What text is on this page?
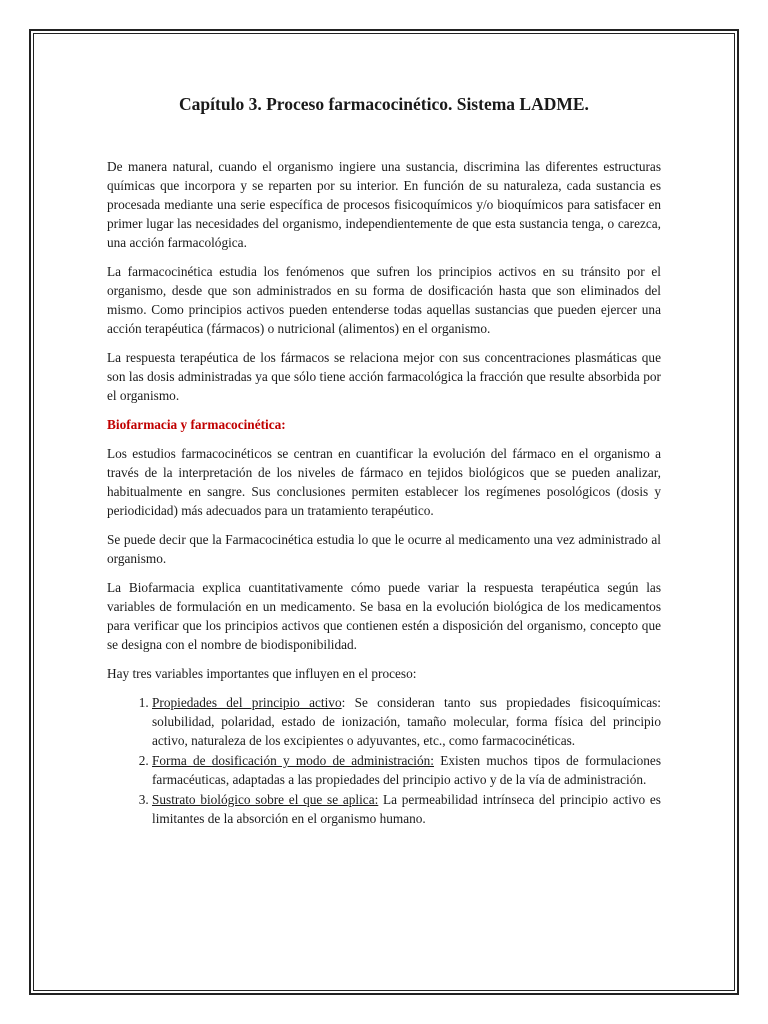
Capítulo 3. Proceso farmacocinético. Sistema LADME.

De manera natural, cuando el organismo ingiere una sustancia, discrimina las diferentes estructuras químicas que incorpora y se reparten por su interior. En función de su naturaleza, cada sustancia es procesada mediante una serie específica de procesos fisicoquímicos y/o bioquímicos para satisfacer en primer lugar las necesidades del organismo, independientemente de que esta sustancia tenga, o carezca, una acción farmacológica.

La farmacocinética estudia los fenómenos que sufren los principios activos en su tránsito por el organismo, desde que son administrados en su forma de dosificación hasta que son eliminados del mismo. Como principios activos pueden entenderse todas aquellas sustancias que pueden ejercer una acción terapéutica (fármacos) o nutricional (alimentos) en el organismo.

La respuesta terapéutica de los fármacos se relaciona mejor con sus concentraciones plasmáticas que son las dosis administradas ya que sólo tiene acción farmacológica la fracción que resulte absorbida por el organismo.

Biofarmacia y farmacocinética:

Los estudios farmacocinéticos se centran en cuantificar la evolución del fármaco en el organismo a través de la interpretación de los niveles de fármaco en tejidos biológicos que se pueden analizar, habitualmente en sangre. Sus conclusiones permiten establecer los regímenes posológicos (dosis y periodicidad) más adecuados para un tratamiento terapéutico.

Se puede decir que la Farmacocinética estudia lo que le ocurre al medicamento una vez administrado al organismo.

La Biofarmacia explica cuantitativamente cómo puede variar la respuesta terapéutica según las variables de formulación en un medicamento. Se basa en la evolución biológica de los medicamentos para verificar que los principios activos que contienen estén a disposición del organismo, concepto que se designa con el nombre de biodisponibilidad.

Hay tres variables importantes que influyen en el proceso:

1. Propiedades del principio activo: Se consideran tanto sus propiedades fisicoquímicas: solubilidad, polaridad, estado de ionización, tamaño molecular, forma física del principio activo, naturaleza de los excipientes o adyuvantes, etc., como farmacocinéticas.
2. Forma de dosificación y modo de administración: Existen muchos tipos de formulaciones farmacéuticas, adaptadas a las propiedades del principio activo y de la vía de administración.
3. Sustrato biológico sobre el que se aplica: La permeabilidad intrínseca del principio activo es limitantes de la absorción en el organismo humano.
